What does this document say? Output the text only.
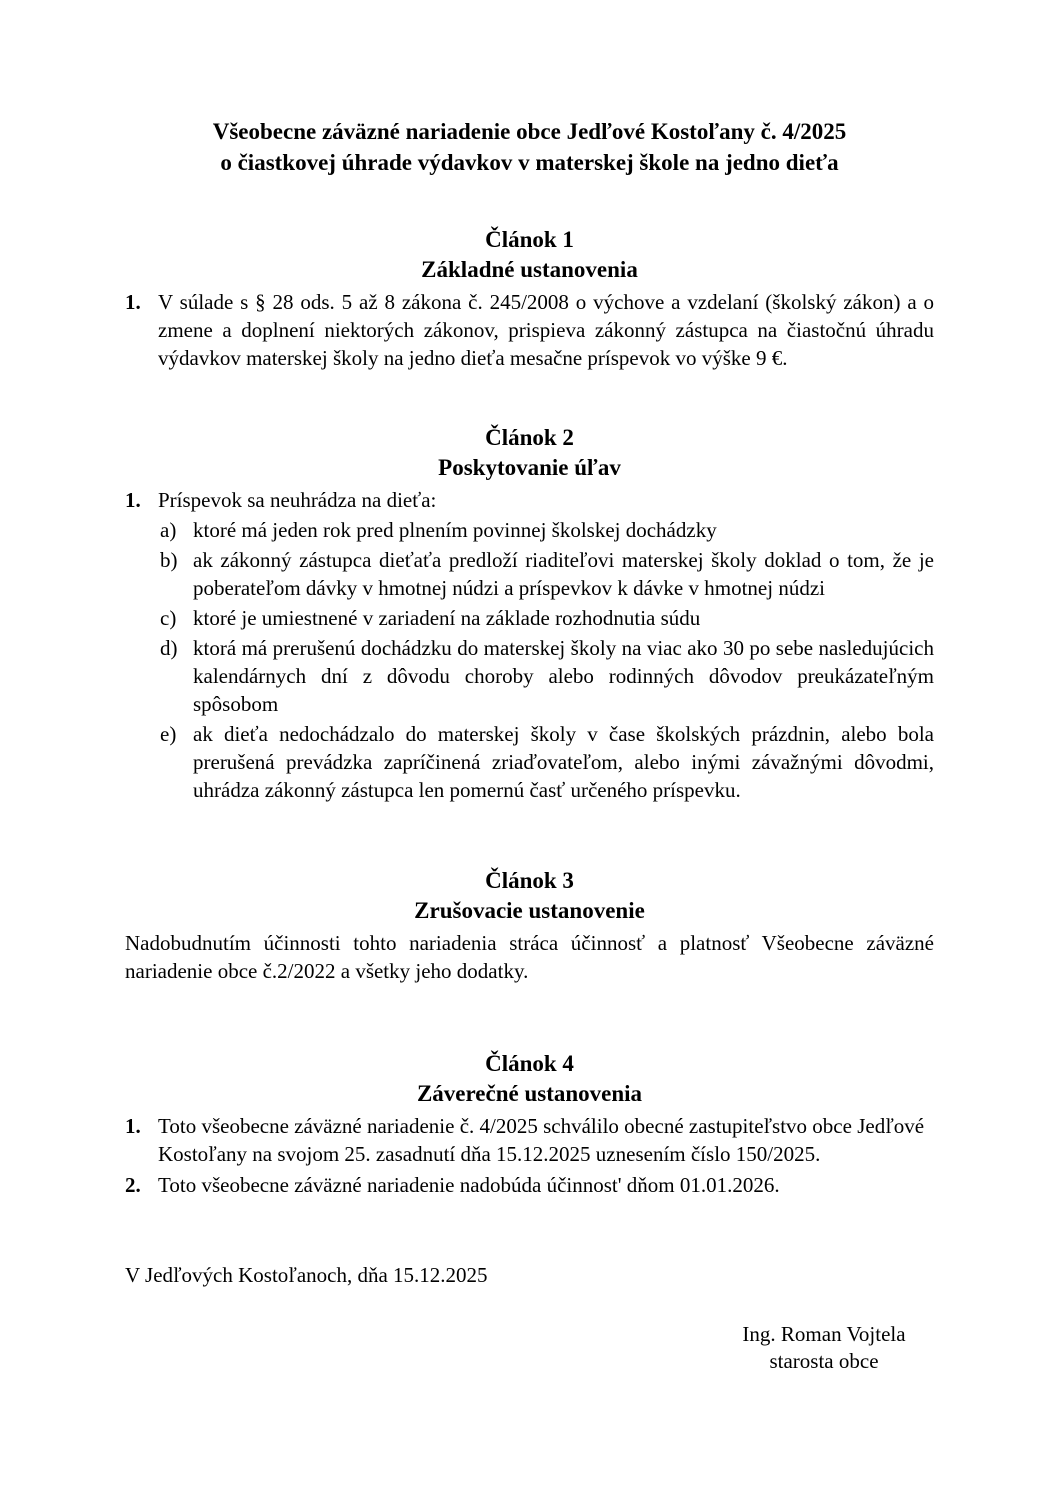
Všeobecne záväzné nariadenie obce Jedľové Kostoľany č. 4/2025
o čiastkovej úhrade výdavkov v materskej škole na jedno dieťa
Článok 1
Základné ustanovenia
1. V súlade s § 28 ods. 5 až 8 zákona č. 245/2008 o výchove a vzdelaní (školský zákon) a o zmene a doplnení niektorých zákonov, prispieva zákonný zástupca na čiastočnú úhradu výdavkov materskej školy na jedno dieťa mesačne príspevok vo výške 9 €.
Článok 2
Poskytovanie úľav
1. Príspevok sa neuhrádza na dieťa:
a) ktoré má jeden rok pred plnením povinnej školskej dochádzky
b) ak zákonný zástupca dieťaťa predloží riaditeľovi materskej školy doklad o tom, že je poberateľom dávky v hmotnej núdzi a príspevkov k dávke v hmotnej núdzi
c) ktoré je umiestnené v zariadení na základe rozhodnutia súdu
d) ktorá má prerušenú dochádzku do materskej školy na viac ako 30 po sebe nasledujúcich kalendárnych dní z dôvodu choroby alebo rodinných dôvodov preukázateľným spôsobom
e) ak dieťa nedochádzalo do materskej školy v čase školských prázdnin, alebo bola prerušená prevádzka zapríčinená zriaďovateľom, alebo inými závažnými dôvodmi, uhrádza zákonný zástupca len pomernú časť určeného príspevku.
Článok 3
Zrušovacie ustanovenie
Nadobudnutím účinnosti tohto nariadenia stráca účinnosť a platnosť Všeobecne záväzné nariadenie obce č.2/2022 a všetky jeho dodatky.
Článok 4
Záverečné ustanovenia
1. Toto všeobecne záväzné nariadenie č. 4/2025 schválilo obecné zastupiteľstvo obce Jedľové Kostoľany na svojom 25. zasadnutí dňa 15.12.2025 uznesením číslo 150/2025.
2. Toto všeobecne záväzné nariadenie nadobúda účinnost' dňom 01.01.2026.
V Jedľových Kostoľanoch, dňa 15.12.2025
Ing. Roman Vojtela
starosta obce
